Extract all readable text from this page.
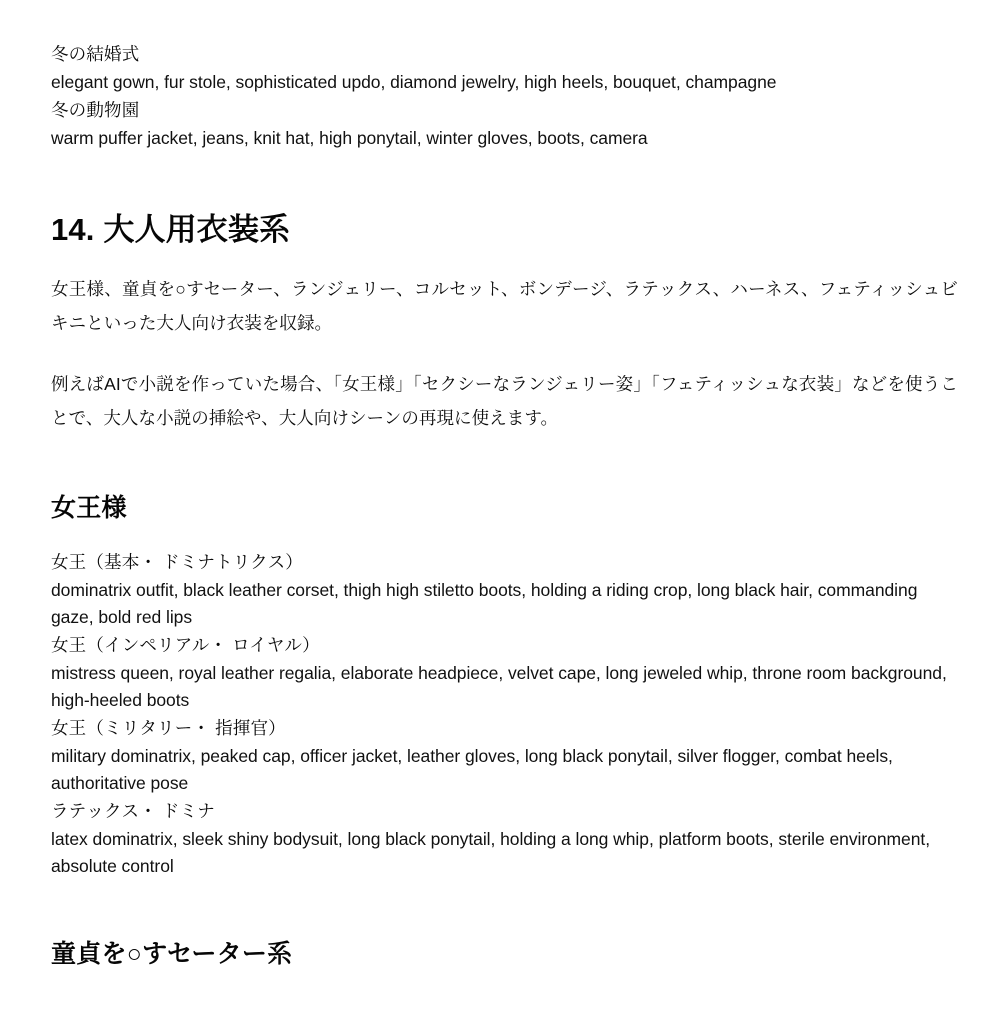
冬の結婚式
elegant gown, fur stole, sophisticated updo, diamond jewelry, high heels, bouquet, champagne
冬の動物園
warm puffer jacket, jeans, knit hat, high ponytail, winter gloves, boots, camera
14. 大人用衣装系

女王様、童貞を○すセーター、ランジェリー、コルセット、ボンデージ、ラテックス、ハーネス、フェティッシュビキニといった大人向け衣装を収録。

例えばAIで小説を作っていた場合、「女王様」「セクシーなランジェリー姿」「フェティッシュな衣装」などを使うことで、大人な小説の挿絵や、大人向けシーンの再現に使えます。

女王様
女王（基本・ ドミナトリクス）
dominatrix outfit, black leather corset, thigh high stiletto boots, holding a riding crop, long black hair, commanding gaze, bold red lips
女王（インペリアル・ ロイヤル）
mistress queen, royal leather regalia, elaborate headpiece, velvet cape, long jeweled whip, throne room background, high-heeled boots
女王（ミリタリー・ 指揮官）
military dominatrix, peaked cap, officer jacket, leather gloves, long black ponytail, silver flogger, combat heels, authoritative pose
ラテックス・ ドミナ
latex dominatrix, sleek shiny bodysuit, long black ponytail, holding a long whip, platform boots, sterile environment, absolute control
童貞を○すセーター系
